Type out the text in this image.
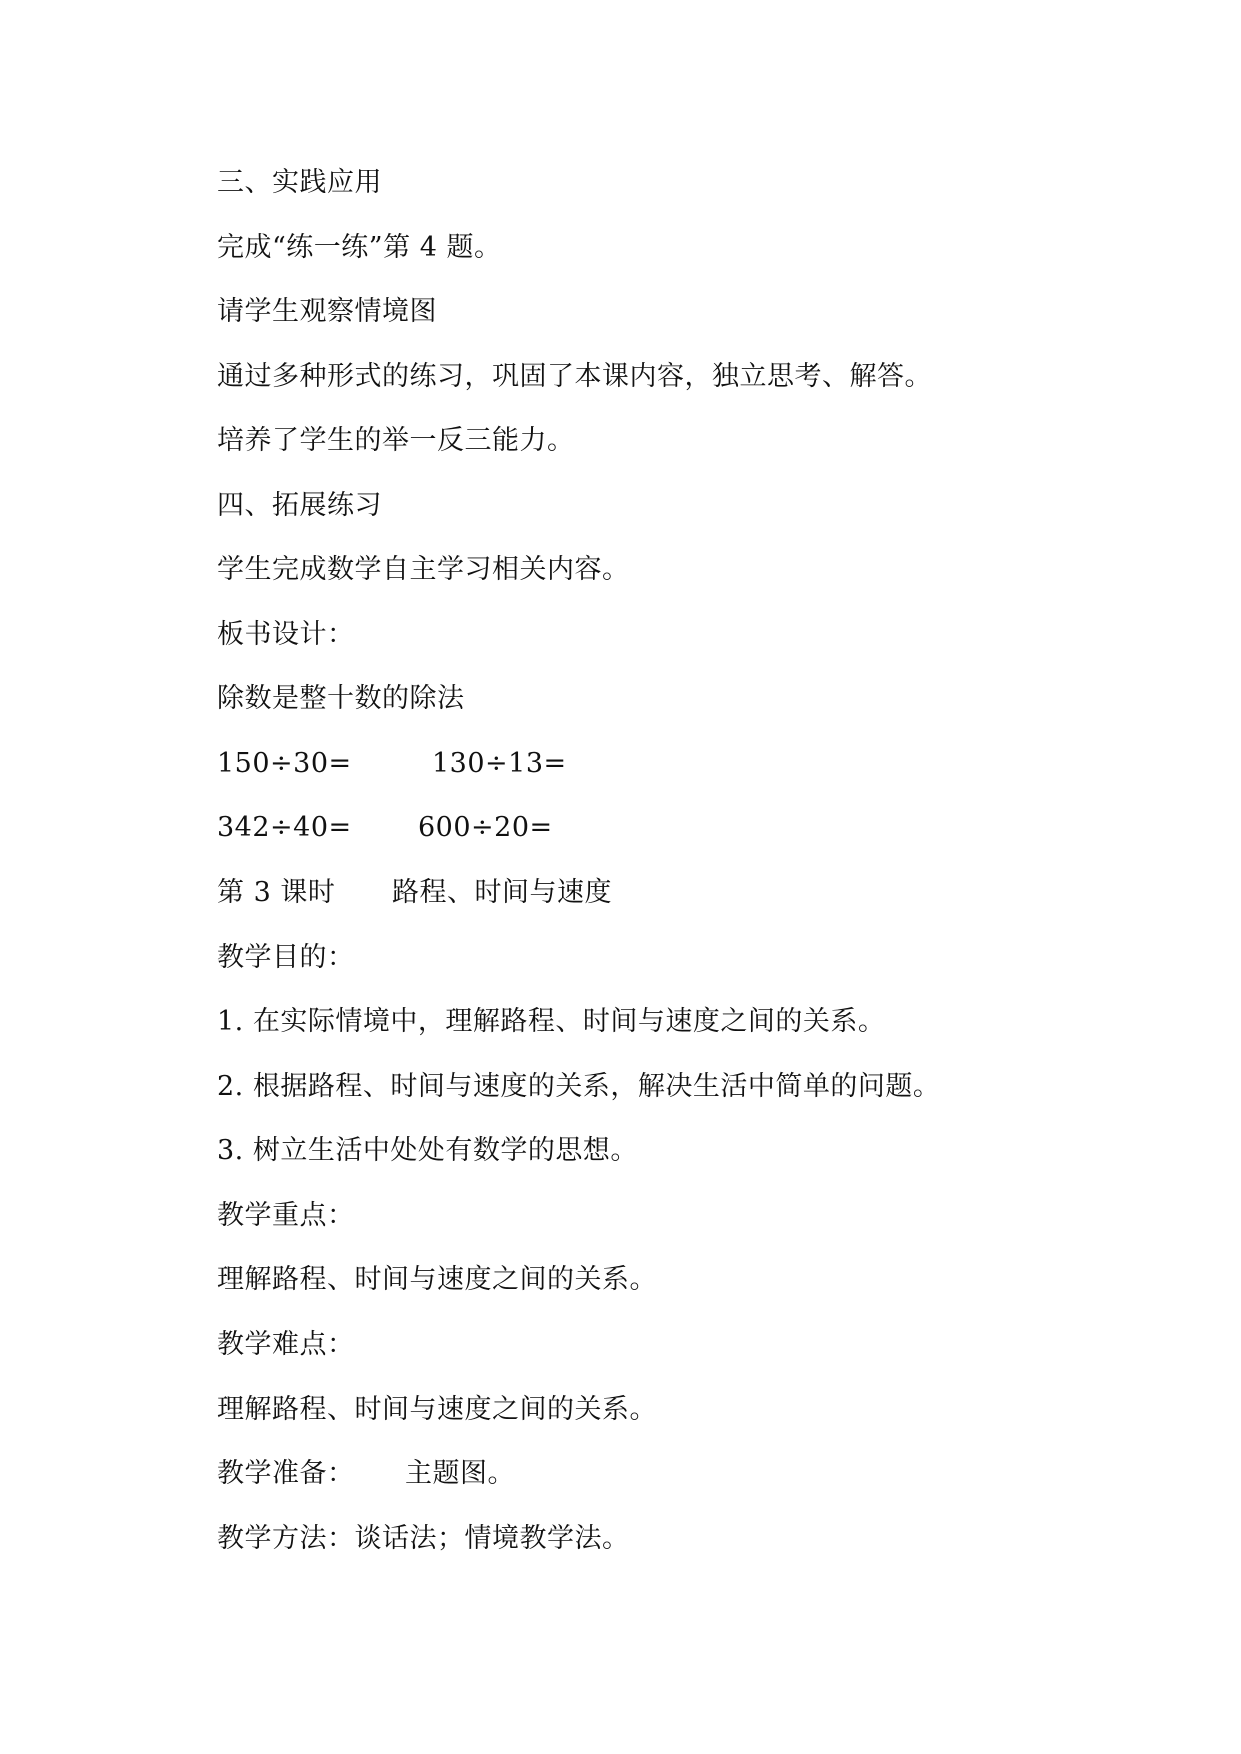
三、实践应用
完成“练一练”第 4 题。
请学生观察情境图
通过多种形式的练习，巩固了本课内容，独立思考、解答。
培养了学生的举一反三能力。
四、拓展练习
学生完成数学自主学习相关内容。
板书设计：
除数是整十数的除法

150÷30=

	130÷13=

342÷40=

600÷20=

第 3 课时

路程、时间与速度

教学目的：
1. 在实际情境中，理解路程、时间与速度之间的关系。
2. 根据路程、时间与速度的关系，解决生活中简单的问题。
3. 树立生活中处处有数学的思想。
教学重点：
理解路程、时间与速度之间的关系。
教学难点：
理解路程、时间与速度之间的关系。

教学准备：

主题图。

教学方法：谈话法；情境教学法。
